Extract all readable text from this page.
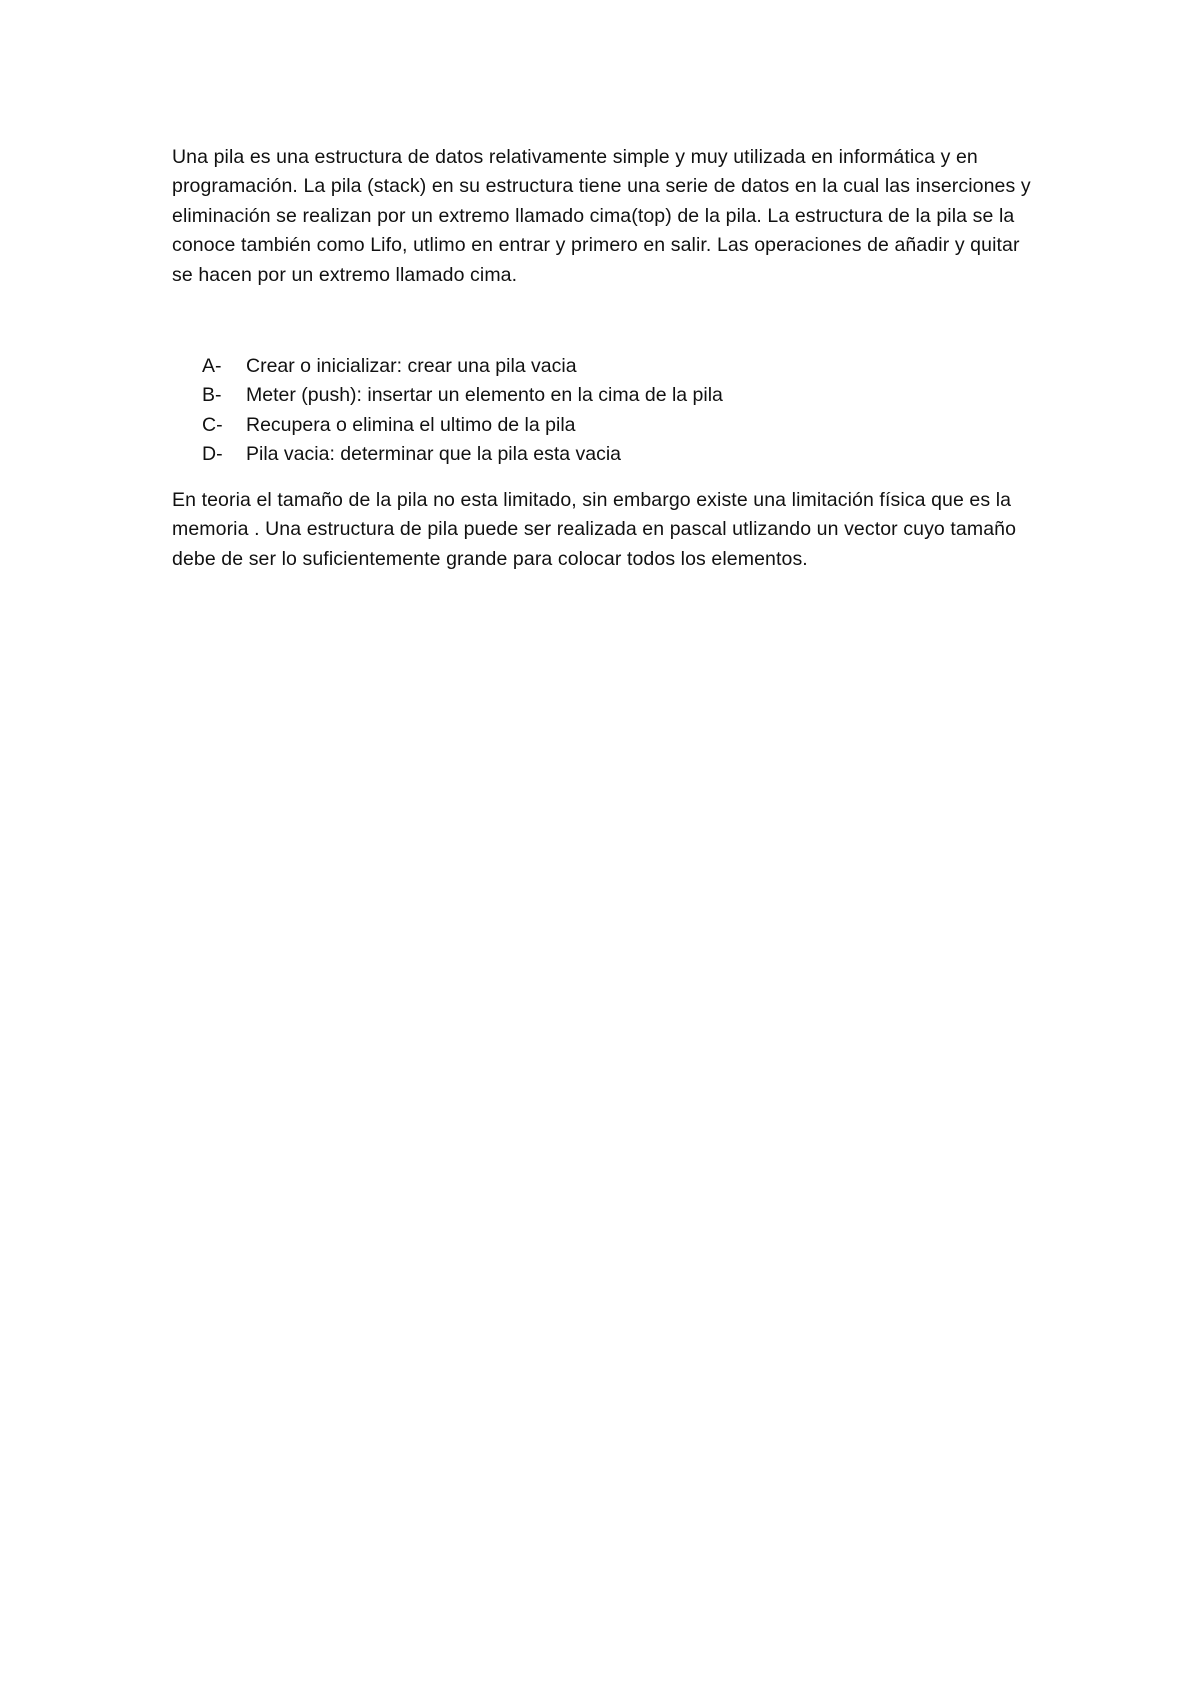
Una pila es una estructura de datos relativamente simple y muy utilizada en informática y en programación. La pila (stack) en su estructura tiene una serie de datos en la cual las inserciones y eliminación se realizan por un extremo llamado cima(top) de la pila. La estructura de la pila se la conoce también como Lifo, utlimo en entrar y primero en salir. Las operaciones de añadir y quitar se hacen por un extremo llamado cima.

A-	Crear o inicializar: crear una pila vacia
B-	Meter (push): insertar un elemento en la cima de la pila
C-	Recupera o elimina el ultimo de la pila
D-	Pila vacia: determinar que la pila esta vacia

En teoria el tamaño de la pila no esta limitado, sin embargo existe una limitación física que es la memoria . Una estructura de pila puede ser realizada en pascal utlizando un vector cuyo tamaño debe de ser lo suficientemente grande para colocar todos los elementos.
